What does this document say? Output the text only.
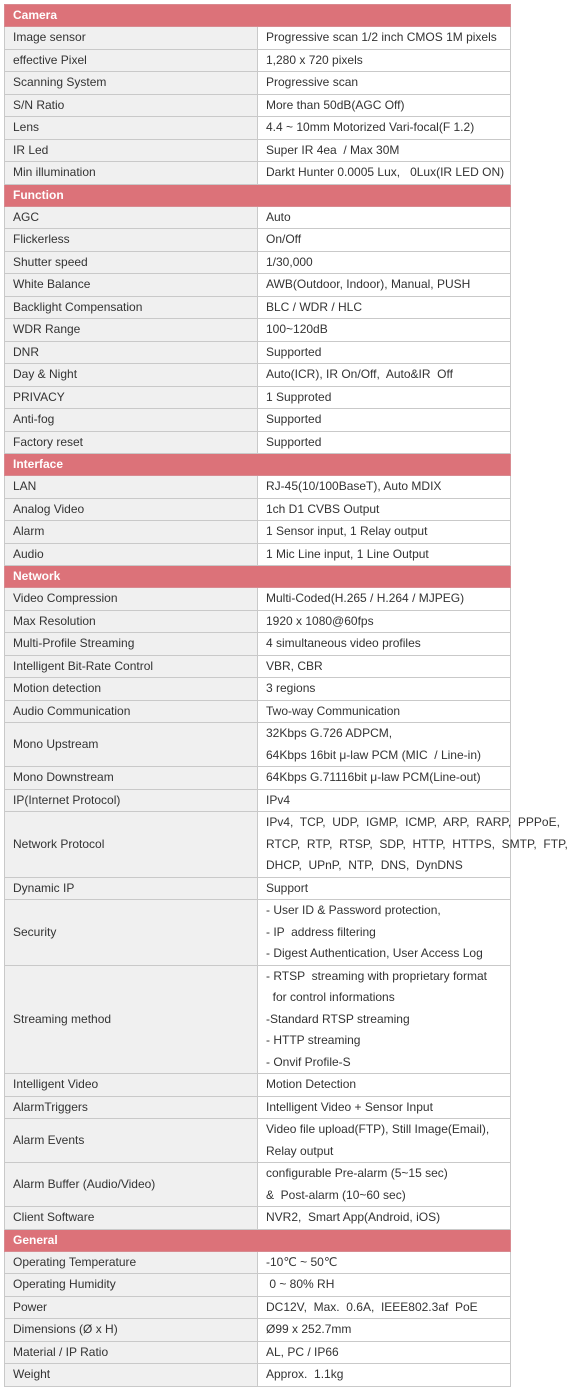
Camera	
Image sensor	Progressive scan 1/2 inch CMOS 1M pixels

effective Pixel	1,280 x 720 pixels

Scanning System	Progressive scan

S/N Ratio	More than 50dB(AGC Off)

Lens	4.4 ~ 10mm Motorized Vari-focal(F 1.2)

IR Led	Super IR 4ea  / Max 30M

Min illumination	Darkt Hunter 0.0005 Lux,   0Lux(IR LED ON)

Function	
AGC	Auto

Flickerless	On/Off

Shutter speed	1/30,000

White Balance	AWB(Outdoor, Indoor), Manual, PUSH

Backlight Compensation	BLC / WDR / HLC

WDR Range	100~120dB

DNR	Supported

Day & Night	Auto(ICR), IR On/Off,  Auto&IR  Off

PRIVACY	1 Supproted

Anti-fog	Supported

Factory reset	Supported

Interface	
LAN	RJ-45(10/100BaseT), Auto MDIX

Analog Video	1ch D1 CVBS Output

Alarm	1 Sensor input, 1 Relay output

Audio	1 Mic Line input, 1 Line Output

Network	
Video Compression	Multi-Coded(H.265 / H.264 / MJPEG)

Max Resolution	1920 x 1080@60fps

Multi-Profile Streaming	4 simultaneous video profiles

Intelligent Bit-Rate Control	VBR, CBR

Motion detection	3 regions

Audio Communication	Two-way Communication

Mono Upstream	32Kbps G.726 ADPCM,
64Kbps 16bit μ-law PCM (MIC  / Line-in)

Mono Downstream	64Kbps G.71116bit μ-law PCM(Line-out)

IP(Internet Protocol)	IPv4

Network Protocol	IPv4,  TCP,  UDP,  IGMP,  ICMP,  ARP,  RARP,  PPPoE,
RTCP,  RTP,  RTSP,  SDP,  HTTP,  HTTPS,  SMTP,  FTP,
DHCP,  UPnP,  NTP,  DNS,  DynDNS

Dynamic IP	Support

Security	- User ID & Password protection,
- IP  address filtering
- Digest Authentication, User Access Log

Streaming method	- RTSP  streaming with proprietary format
for control informations
-Standard RTSP streaming
- HTTP streaming
- Onvif Profile-S

Intelligent Video	Motion Detection

AlarmTriggers	Intelligent Video + Sensor Input

Alarm Events	Video file upload(FTP), Still Image(Email),
Relay output

Alarm Buffer (Audio/Video)	configurable Pre-alarm (5~15 sec)
&  Post-alarm (10~60 sec)

Client Software	NVR2,  Smart App(Android, iOS)

General	
Operating Temperature	-10℃ ~ 50℃

Operating Humidity	0 ~ 80% RH

Power	DC12V,  Max.  0.6A,  IEEE802.3af  PoE

Dimensions (Ø x H)	Ø99 x 252.7mm

Material / IP Ratio	AL, PC / IP66

Weight	Approx.  1.1kg
